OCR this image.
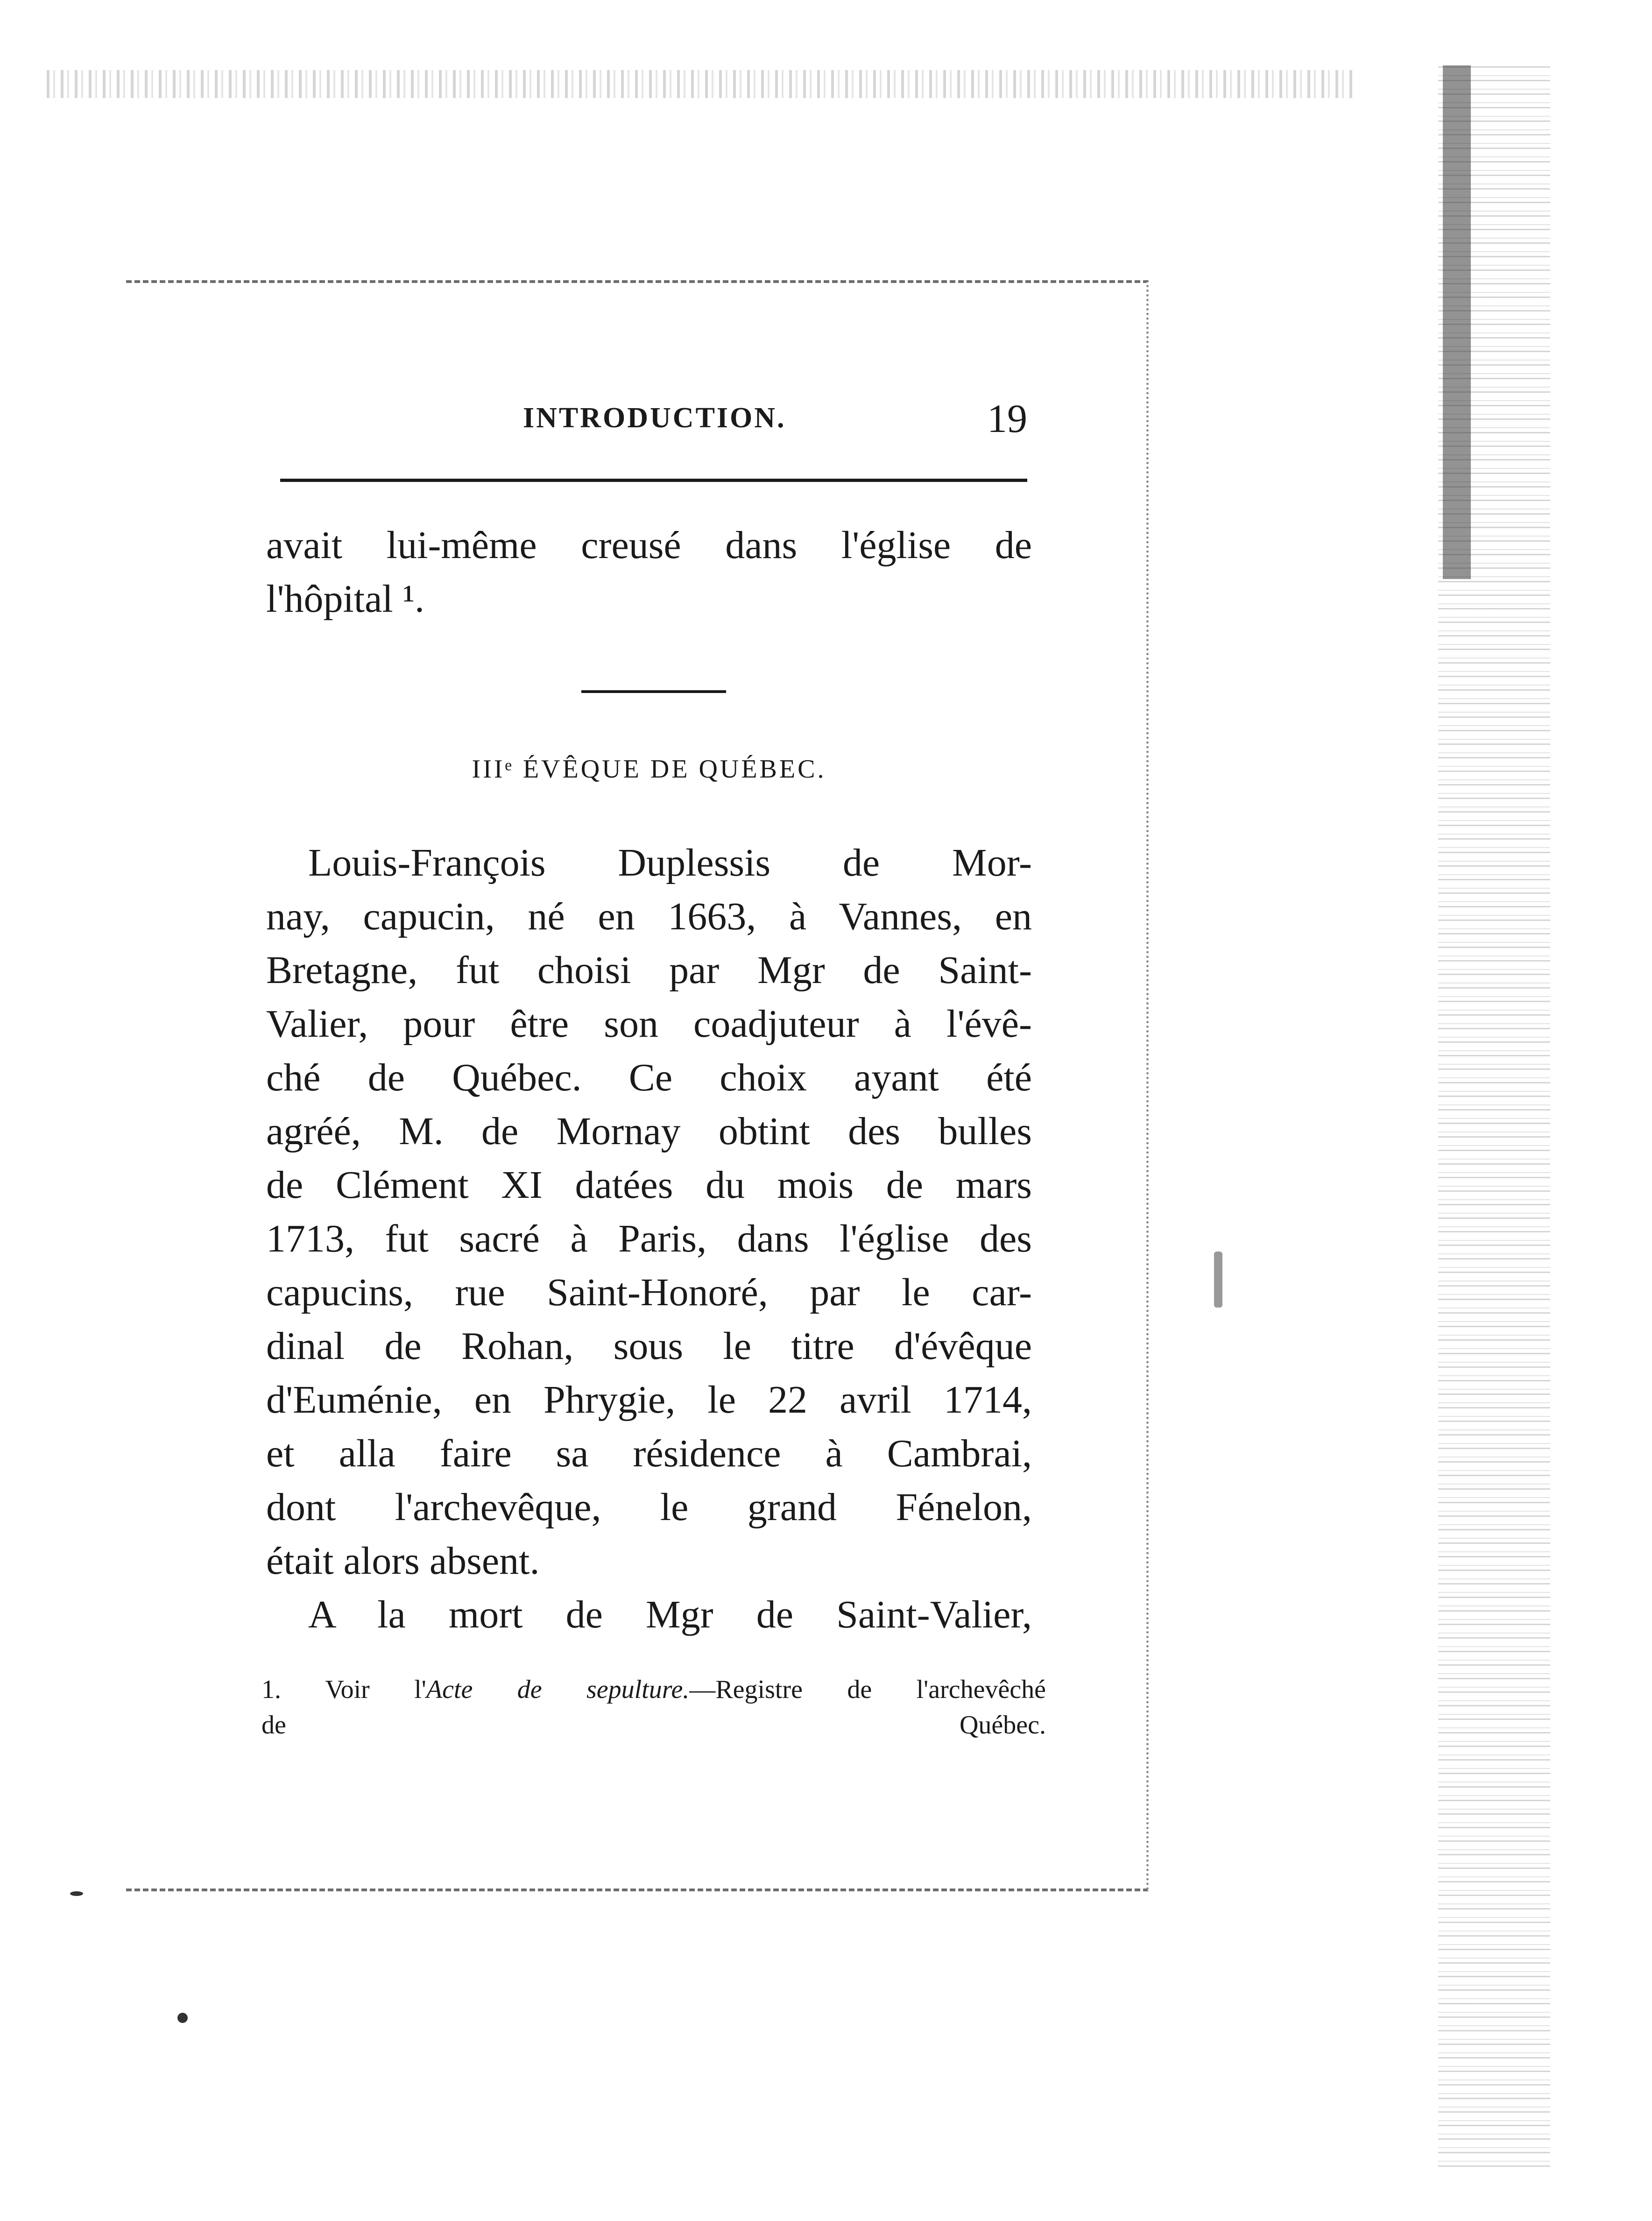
INTRODUCTION.	19
avait lui-même creusé dans l'église de
l'hôpital ¹.
IIIᵉ ÉVÊQUE DE QUÉBEC.
Louis-François Duplessis de Mor-
nay, capucin, né en 1663, à Vannes, en
Bretagne, fut choisi par Mgr de Saint-
Valier, pour être son coadjuteur à l'évê-
ché de Québec. Ce choix ayant été
agréé, M. de Mornay obtint des bulles
de Clément XI datées du mois de mars
1713, fut sacré à Paris, dans l'église des
capucins, rue Saint-Honoré, par le car-
dinal de Rohan, sous le titre d'évêque
d'Euménie, en Phrygie, le 22 avril 1714,
et alla faire sa résidence à Cambrai,
dont l'archevêque, le grand Fénelon,
était alors absent.
A la mort de Mgr de Saint-Valier,
1. Voir l'Acte de sepulture.—Registre de l'archevêché
de Québec.
